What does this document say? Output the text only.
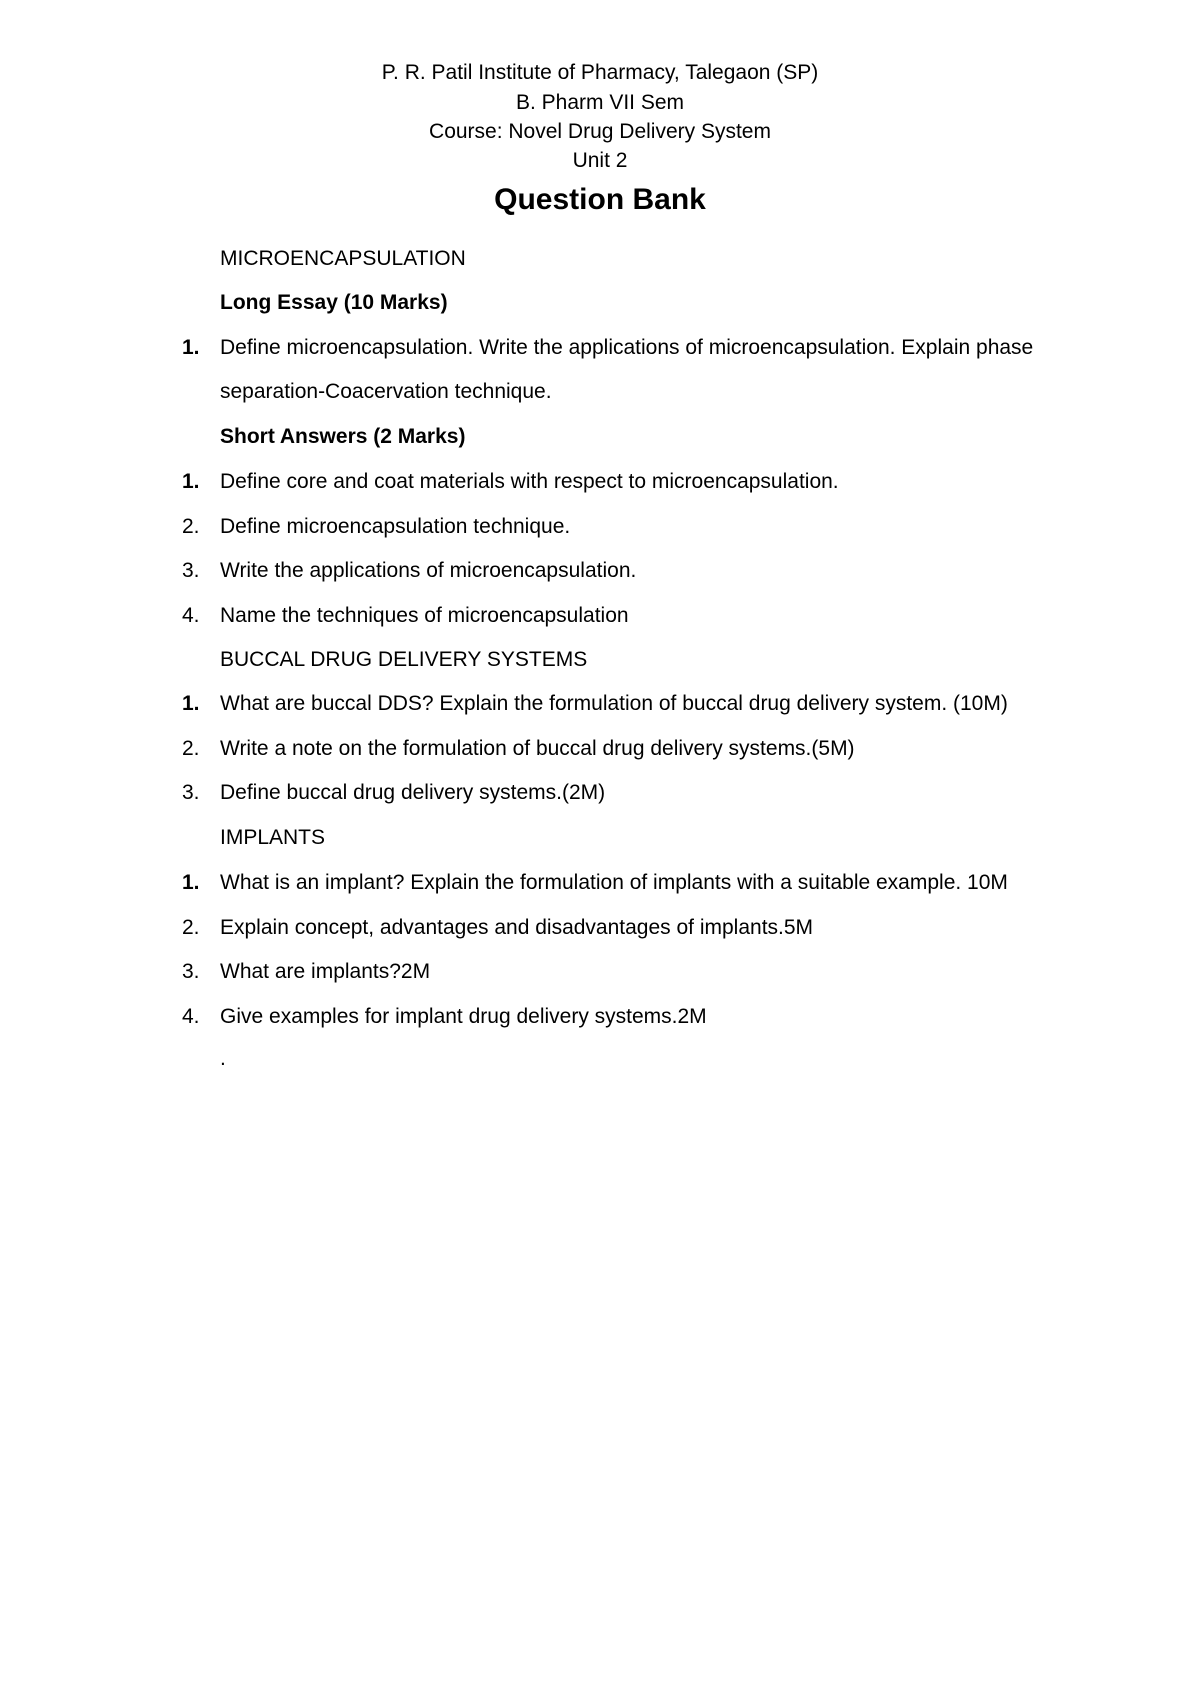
P. R. Patil Institute of Pharmacy, Talegaon (SP)
B. Pharm VII Sem
Course: Novel Drug Delivery System
Unit 2
Question Bank
MICROENCAPSULATION
Long Essay (10 Marks)
1. Define microencapsulation. Write the applications of microencapsulation. Explain phase
separation-Coacervation technique.
Short Answers (2 Marks)
1. Define core and coat materials with respect to microencapsulation.
2. Define microencapsulation technique.
3. Write the applications of microencapsulation.
4. Name the techniques of microencapsulation
BUCCAL DRUG DELIVERY SYSTEMS
1. What are buccal DDS? Explain the formulation of buccal drug delivery system. (10M)
2. Write a note on the formulation of buccal drug delivery systems.(5M)
3. Define buccal drug delivery systems.(2M)
IMPLANTS
1. What is an implant? Explain the formulation of implants with a suitable example. 10M
2. Explain concept, advantages and disadvantages of implants.5M
3. What are implants?2M
4. Give examples for implant drug delivery systems.2M
.
